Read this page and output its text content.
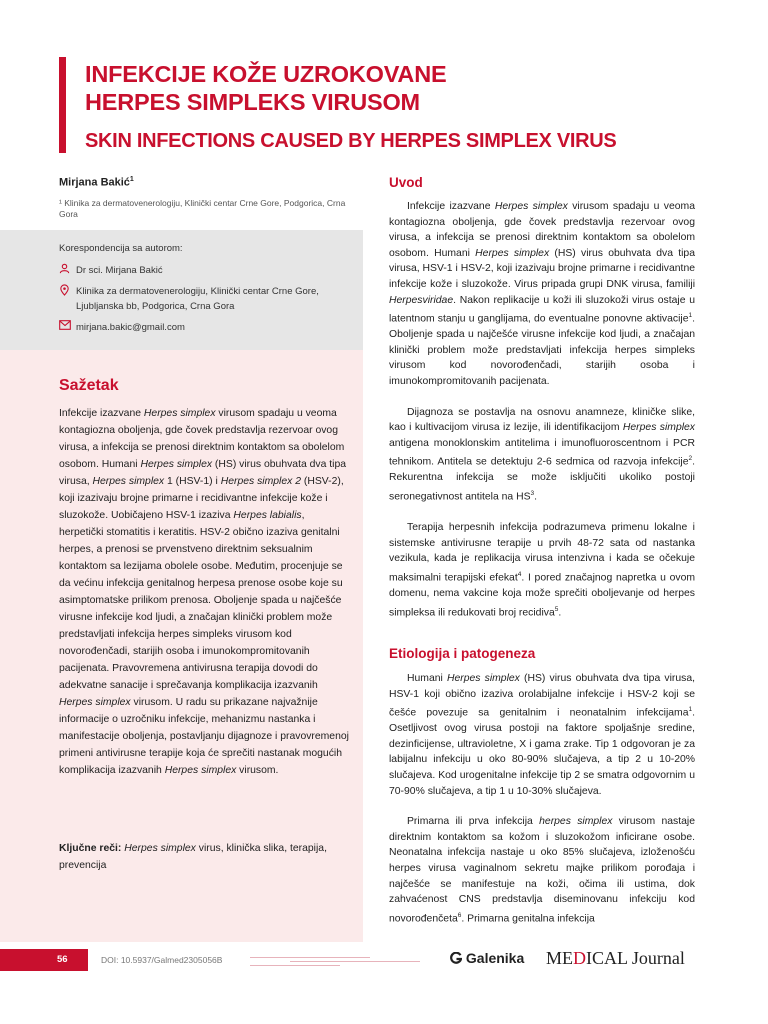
INFEKCIJE KOŽE UZROKOVANE
HERPES SIMPLEKS VIRUSOM
SKIN INFECTIONS CAUSED BY HERPES SIMPLEX VIRUS
Mirjana Bakić$^1$
¹ Klinika za dermatovenerologiju, Klinički centar Crne Gore, Podgorica, Crna Gora
Korespondencija sa autorom:
Dr sci. Mirjana Bakić
Klinika za dermatovenerologiju, Klinički centar Crne Gore,
Ljubljanska bb, Podgorica, Crna Gora
mirjana.bakic@gmail.com
Sažetak

Infekcije izazvane Herpes simplex virusom spadaju u veoma kontagiozna oboljenja, gde čovek predstavlja rezervoar ovog virusa, a infekcija se prenosi direktnim kontaktom sa obolelom osobom. Humani Herpes simplex (HS) virus obuhvata dva tipa virusa, Herpes simplex 1 (HSV-1) i Herpes simplex 2 (HSV-2), koji izazivaju brojne primarne i recidivantne infekcije kože i sluzokože. Uobičajeno HSV-1 izaziva Herpes labialis, herpetički stomatitis i keratitis. HSV-2 obično izaziva genitalni herpes, a prenosi se prvenstveno direktnim seksualnim kontaktom sa lezijama obolele osobe. Međutim, procenjuje se da većinu infekcija genitalnog herpesa prenose osobe koje su asimptomatske prilikom prenosa. Oboljenje spada u najčešće virusne infekcije kod ljudi, a značajan klinički problem može predstavljati infekcija herpes simpleks virusom kod novorođenčadi, starijih osoba i imunokompromitovanih pacijenata. Pravovremena antivirusna terapija dovodi do adekvatne sanacije i sprečavanja komplikacija izazvanih Herpes simplex virusom. U radu su prikazane najvažnije informacije o uzročniku infekcije, mehanizmu nastanka i manifestacije oboljenja, postavljanju dijagnoze i pravovremenoj primeni antivirusne terapije koja će sprečiti nastanak mogućih komplikacija izazvanih Herpes simplex virusom.

Ključne reči: Herpes simplex virus, klinička slika, terapija, prevencija

Uvod

Infekcije izazvane Herpes simplex virusom spadaju u veoma kontagiozna oboljenja, gde čovek predstavlja rezervoar ovog virusa, a infekcija se prenosi direktnim kontaktom sa obolelom osobom. Humani Herpes simplex (HS) virus obuhvata dva tipa virusa, HSV-1 i HSV-2, koji izazivaju brojne primarne i recidivantne infekcije kože i sluzokože. Virus pripada grupi DNK virusa, familiji Herpesviridae. Nakon replikacije u koži ili sluzokoži virus ostaje u latentnom stanju u ganglijama, do eventualne ponovne aktivacije$^1$. Oboljenje spada u najčešće virusne infekcije kod ljudi, a značajan klinički problem može predstavljati infekcija herpes simpleks virusom kod novorođenčadi, starijih osoba i imunokompromitovanih pacijenata.

Dijagnoza se postavlja na osnovu anamneze, kliničke slike, kao i kultivacijom virusa iz lezije, ili identifikacijom Herpes simplex antigena monoklonskim antitelima i imunofluoroscentnom i PCR tehnikom. Antitela se detektuju 2-6 sedmica od razvoja infekcije$^2$. Rekurentna infekcija se može isključiti ukoliko postoji seronegativnost antitela na $HS^3$.

Terapija herpesnih infekcija podrazumeva primenu lokalne i sistemske antivirusne terapije u prvih 48-72 sata od nastanka vezikula, kada je replikacija virusa intenzivna i kada se očekuje maksimalni terapijski efekat$^4$. I pored značajnog napretka u ovom domenu, nema vakcine koja može sprečiti oboljevanje od herpes simpleksa ili redukovati broj recidiva$^5$.

Etiologija i patogeneza

Humani Herpes simplex (HS) virus obuhvata dva tipa virusa, HSV-1 koji obično izaziva orolabijalne infekcije i HSV-2 koji se češće povezuje sa genitalnim i neonatalnim infekcijama$^1$. Osetljivost ovog virusa postoji na faktore spoljašnje sredine, dezinficijense, ultravioletne, X i gama zrake. Tip 1 odgovoran je za labijalnu infekciju u oko 80-90% slučajeva, a tip 2 u 10-20% slučajeva. Kod urogenitalne infekcije tip 2 se smatra odgovornim u 70-90% slučajeva, a tip 1 u 10-30% slučajeva.

Primarna ili prva infekcija herpes simplex virusom nastaje direktnim kontaktom sa kožom i sluzokožom inficirane osobe. Neonatalna infekcija nastaje u oko 85% slučajeva, izloženošću herpes virusa vaginalnom sekretu majke prilikom porođaja i najčešće se manifestuje na koži, očima ili ustima, dok zahvaćenost CNS predstavlja diseminovanu infekciju kod novorođenčeta$^6$. Primarna genitalna infekcija

56	DOI: 10.5937/Galmed2305056B	Galenika MEDICAL Journal
